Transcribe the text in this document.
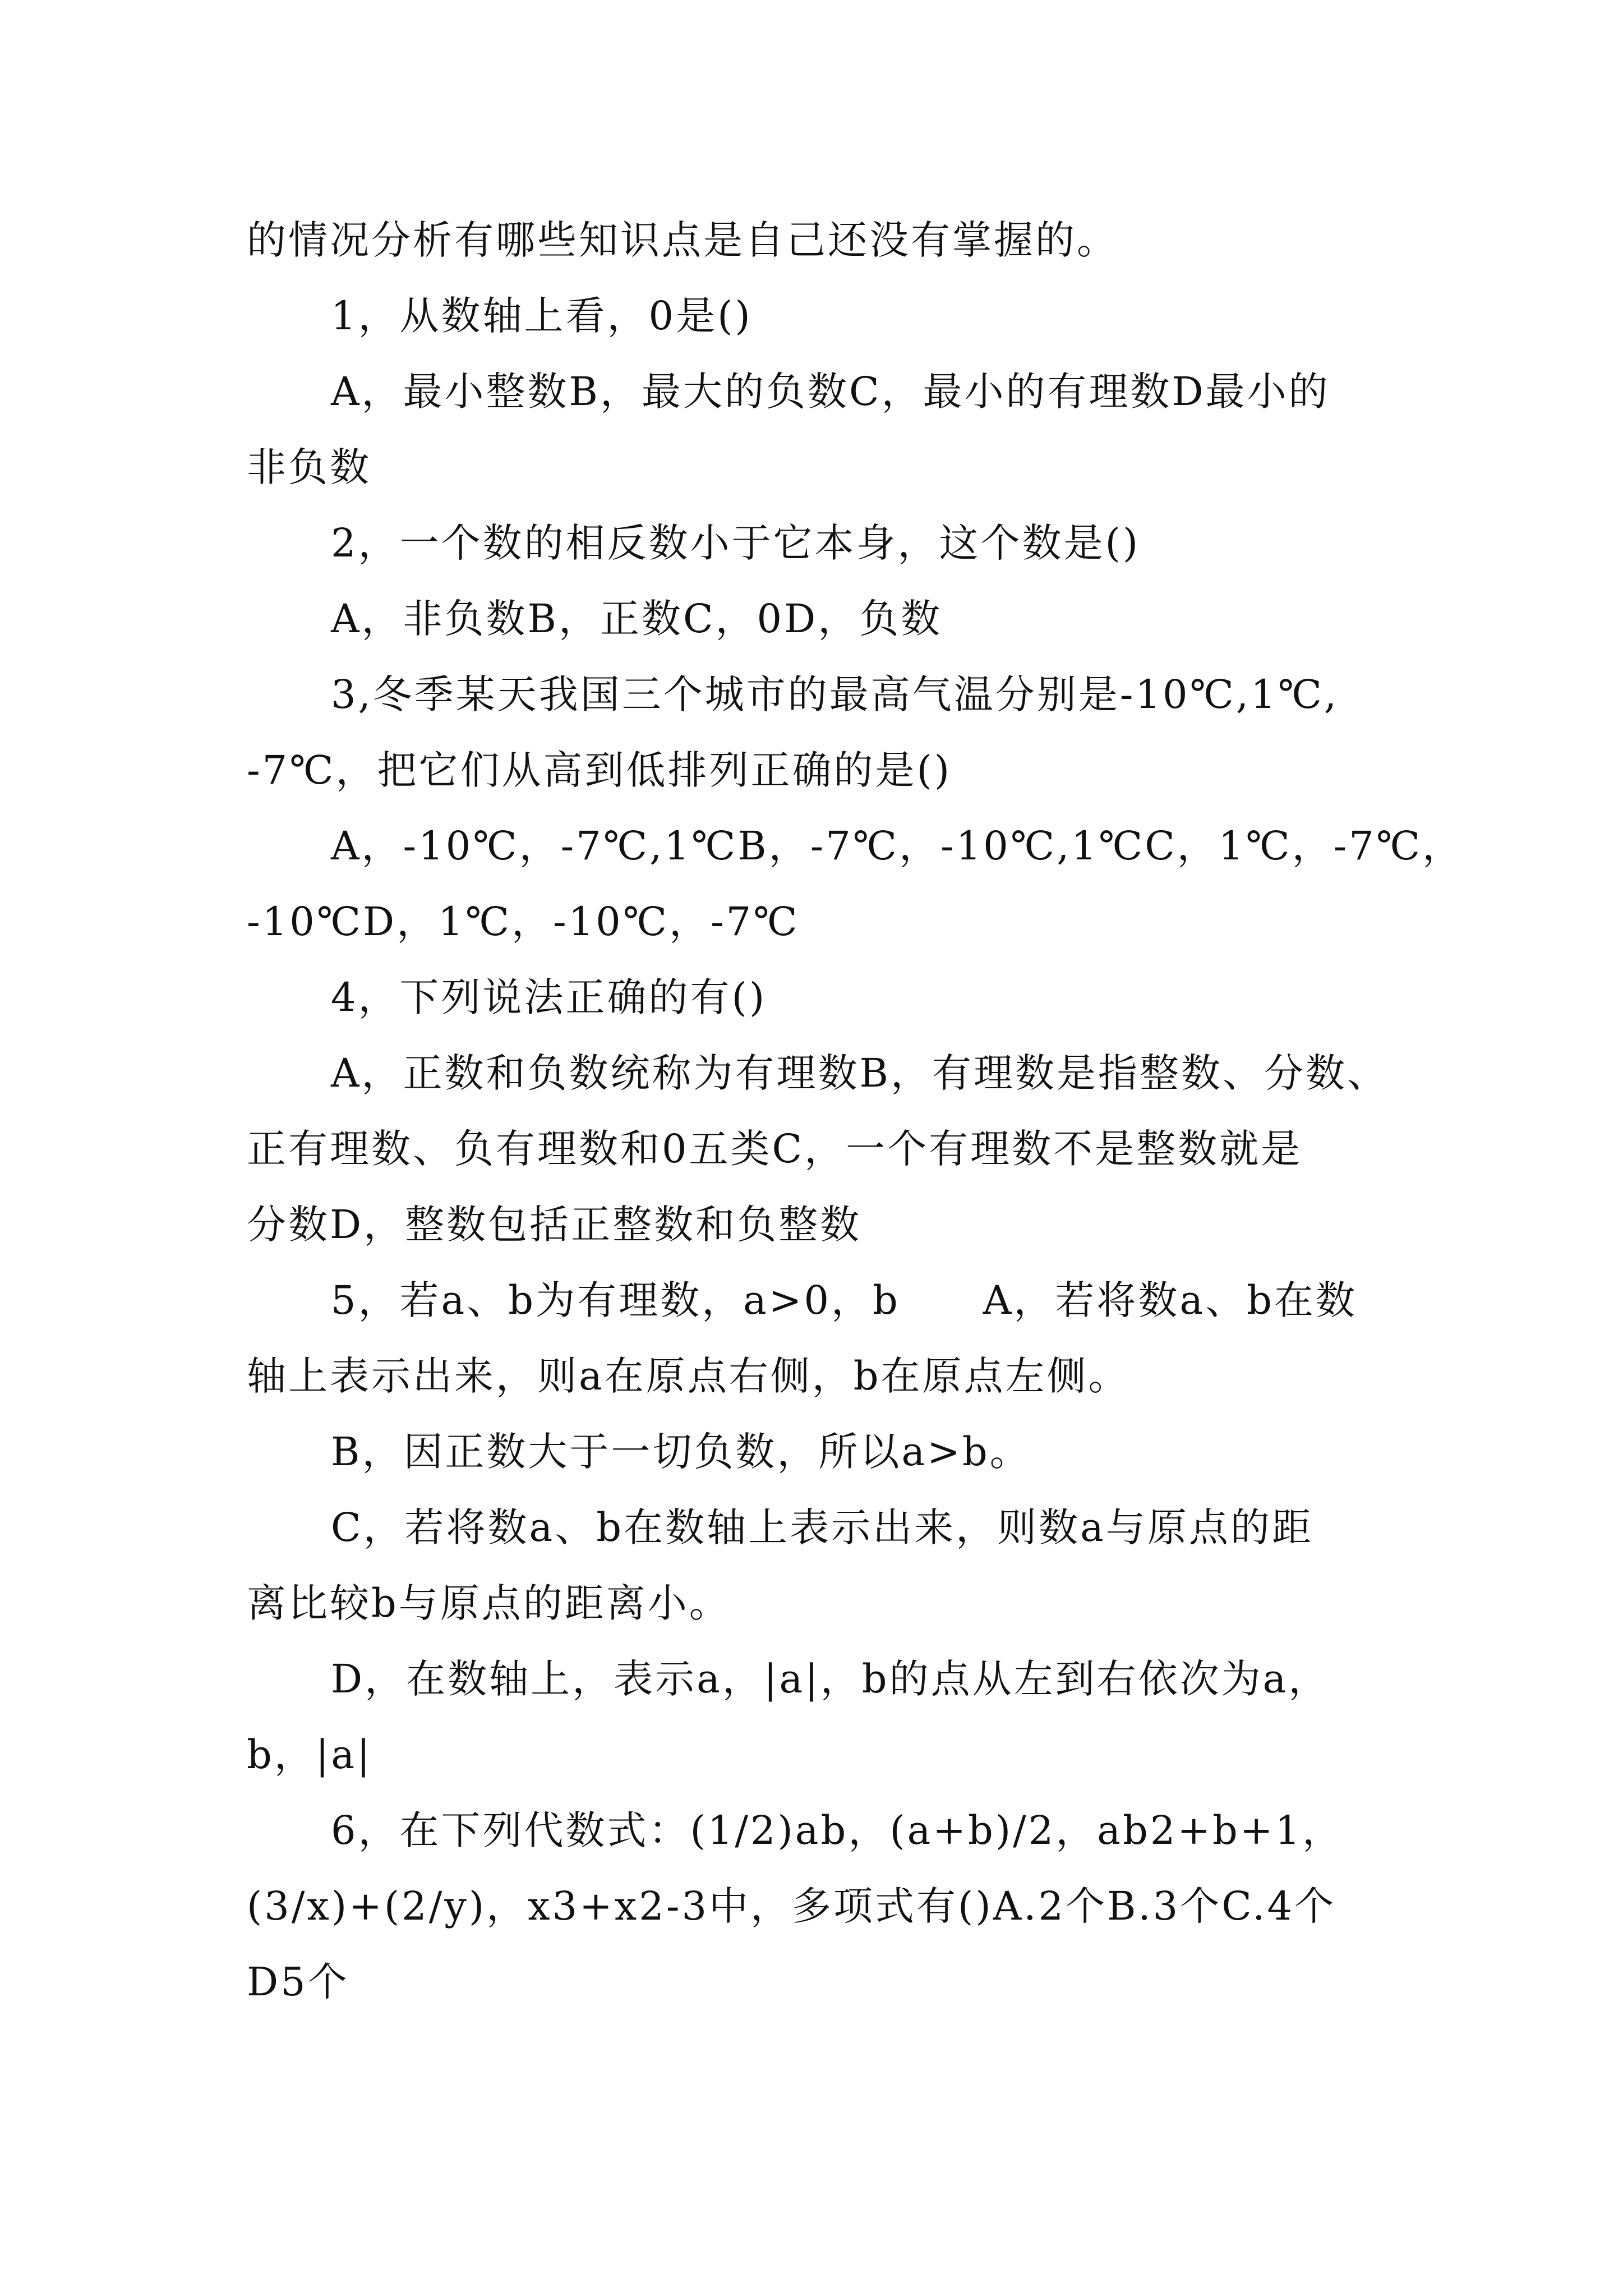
的情况分析有哪些知识点是自己还没有掌握的。
1，从数轴上看，0是()
A，最小整数B，最大的负数C，最小的有理数D最小的
非负数
2，一个数的相反数小于它本身，这个数是()
A，非负数B，正数C，0D，负数
3,冬季某天我国三个城市的最高气温分别是-10℃,1℃,
-7℃，把它们从高到低排列正确的是()
A，-10℃，-7℃,1℃B，-7℃，-10℃,1℃C，1℃，-7℃，
-10℃D，1℃，-10℃，-7℃
4，下列说法正确的有()
A，正数和负数统称为有理数B，有理数是指整数、分数、
正有理数、负有理数和0五类C，一个有理数不是整数就是
分数D，整数包括正整数和负整数
5，若a、b为有理数，a>0，b　　A，若将数a、b在数
轴上表示出来，则a在原点右侧，b在原点左侧。
B，因正数大于一切负数，所以a>b。
C，若将数a、b在数轴上表示出来，则数a与原点的距
离比较b与原点的距离小。
D，在数轴上，表示a，|a|，b的点从左到右依次为a，
b，|a|
6，在下列代数式：(1/2)ab，(a+b)/2，ab2+b+1，
(3/x)+(2/y)，x3+x2-3中，多项式有()A.2个B.3个C.4个
D5个
